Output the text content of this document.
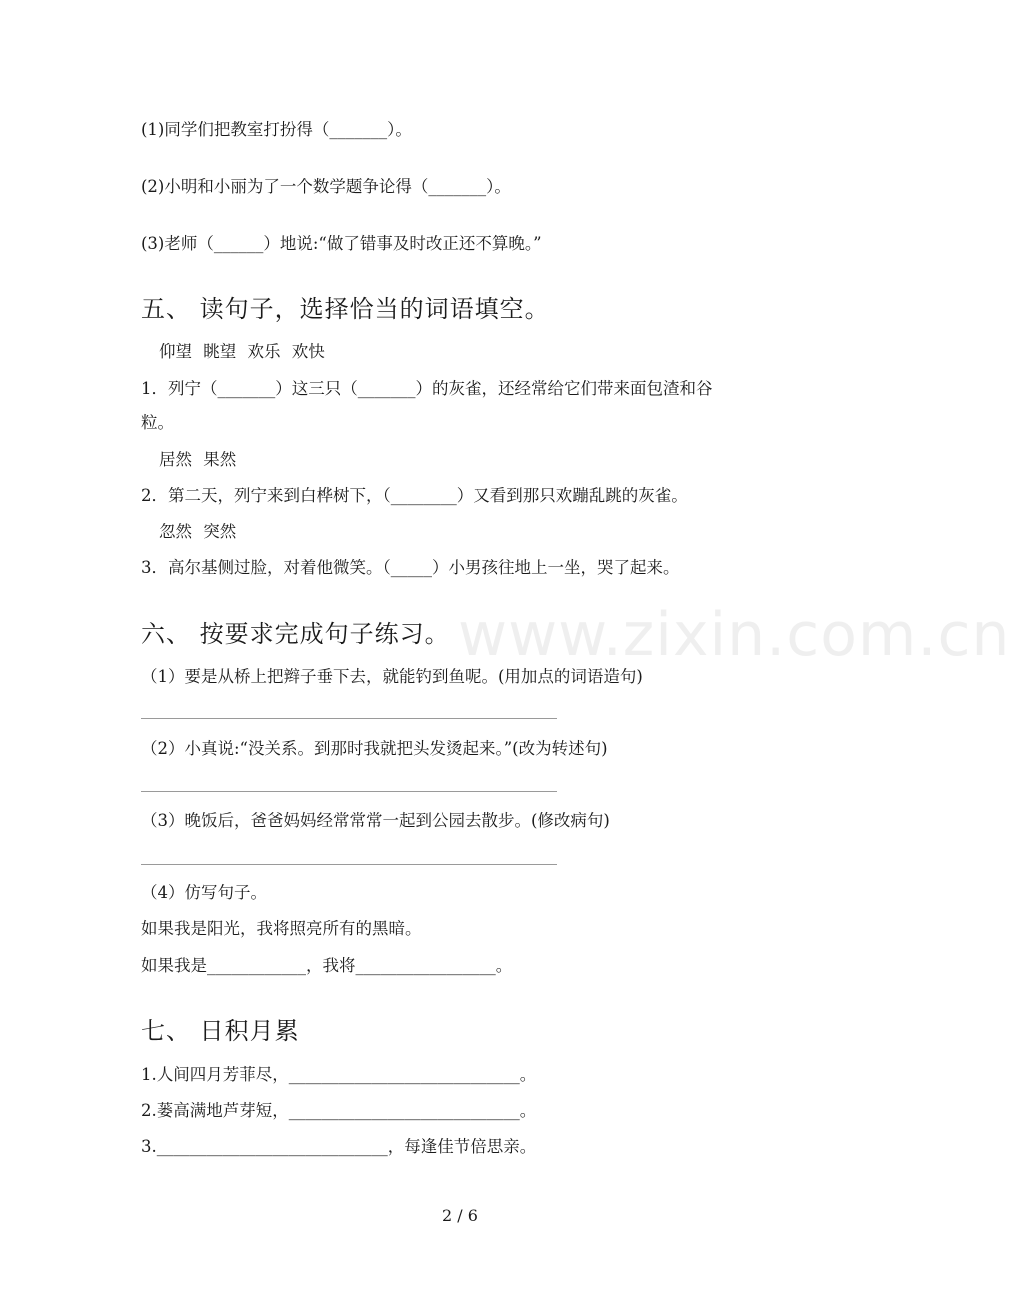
www.zixin.com.cn
(1)同学们把教室打扮得（_______）。
(2)小明和小丽为了一个数学题争论得（_______）。
(3)老师（______）地说:“做了错事及时改正还不算晚。”
五、 读句子，选择恰当的词语填空。
仰望 眺望 欢乐 欢快
1．列宁（_______）这三只（_______）的灰雀，还经常给它们带来面包渣和谷
粒。
居然 果然
2．第二天，列宁来到白桦树下，（________）又看到那只欢蹦乱跳的灰雀。
忽然 突然
3．高尔基侧过脸，对着他微笑。（_____）小男孩往地上一坐，哭了起来。
六、 按要求完成句子练习。
（1）要是从桥上把辫子垂下去，就能钓到鱼呢。(用加点的词语造句)
（2）小真说:“没关系。到那时我就把头发烫起来。”(改为转述句)
（3）晚饭后，爸爸妈妈经常常常一起到公园去散步。(修改病句)
（4）仿写句子。
如果我是阳光，我将照亮所有的黑暗。
如果我是____________，我将_________________。
七、 日积月累
1.人间四月芳菲尽，____________________________。
2.蒌高满地芦芽短，____________________________。
3.____________________________，每逢佳节倍思亲。
2 / 6
